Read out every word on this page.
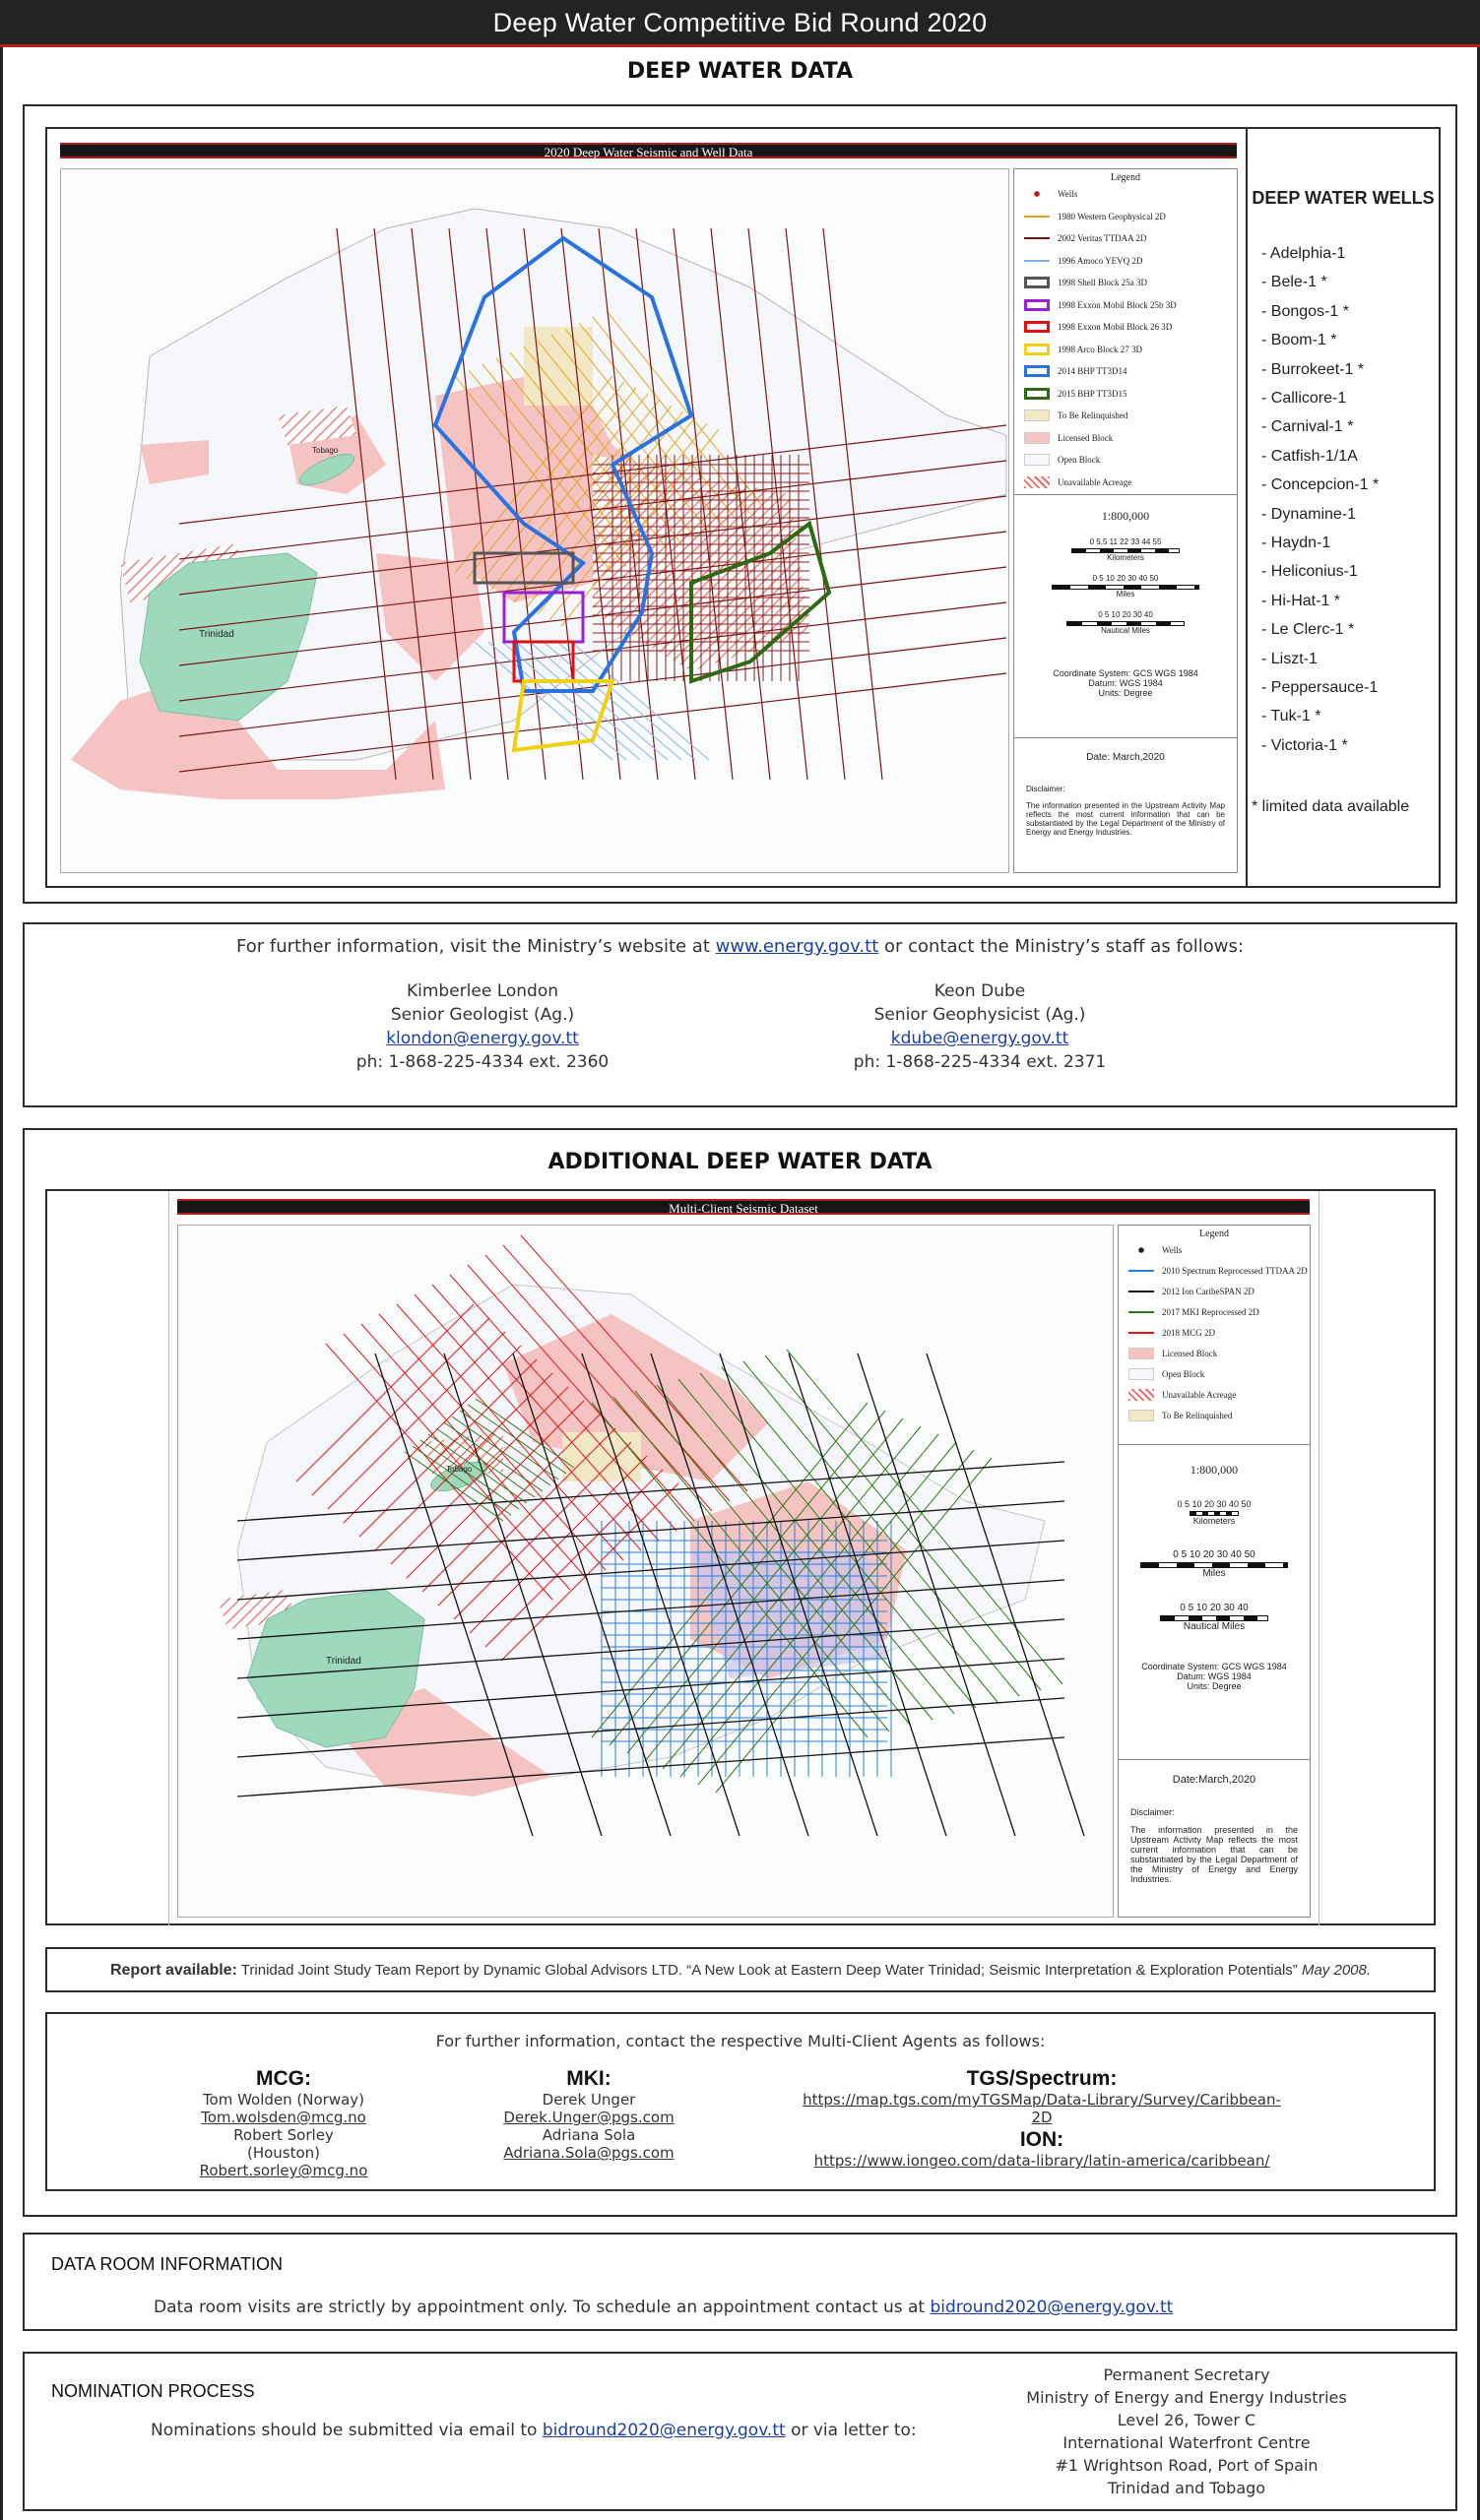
Deep Water Competitive Bid Round 2020
DEEP WATER DATA
2020 Deep Water Seismic and Well Data
Trinidad
Tobago
Legend
Wells
1980 Western Geophysical 2D
2002 Veritas TTDAA 2D
1996 Amoco YEVQ 2D
1998 Shell Block 25a 3D
1998 Exxon Mobil Block 25b 3D
1998 Exxon Mobil Block 26 3D
1998 Arco Block 27 3D
2014 BHP TT3D14
2015 BHP TT3D15
To Be Relinquished
Licensed Block
Open Block
Unavailable Acreage
1:800,000
0 5.5 11 22 33 44 55
Kilometers
0 5 10 20 30 40 50
Miles
0 5 10 20 30 40
Nautical Miles
Coordinate System: GCS WGS 1984
Datum: WGS 1984
Units: Degree
Date: March,2020
Disclaimer:
The information presented in the Upstream Activity Map reflects the most current information that can be substantiated by the Legal Department of the Ministry of Energy and Energy Industries.
DEEP WATER WELLS
- Adelphia-1
- Bele-1 *
- Bongos-1 *
- Boom-1 *
- Burrokeet-1 *
- Callicore-1
- Carnival-1 *
- Catfish-1/1A
- Concepcion-1 *
- Dynamine-1
- Haydn-1
- Heliconius-1
- Hi-Hat-1 *
- Le Clerc-1 *
- Liszt-1
- Peppersauce-1
- Tuk-1 *
- Victoria-1 *
* limited data available
For further information, visit the Ministry’s website at www.energy.gov.tt or contact the Ministry’s staff as follows:
Kimberlee London
Senior Geologist (Ag.)
klondon@energy.gov.tt
ph: 1-868-225-4334 ext. 2360
Keon Dube
Senior Geophysicist (Ag.)
kdube@energy.gov.tt
ph: 1-868-225-4334 ext. 2371
ADDITIONAL DEEP WATER DATA
Multi-Client Seismic Dataset
Trinidad
Tobago
Legend
Wells
2010 Spectrum Reprocessed TTDAA 2D
2012 Ion CaribeSPAN 2D
2017 MKI Reprocessed 2D
2018 MCG 2D
Licensed Block
Open Block
Unavailable Acreage
To Be Relinquished
1:800,000
0 5 10 20 30 40 50
Kilometers
0 5 10 20 30 40 50
Miles
0 5 10 20 30 40
Nautical Miles
Coordinate System: GCS WGS 1984
Datum: WGS 1984
Units: Degree
Date:March,2020
Disclaimer:
The information presented in the Upstream Activity Map reflects the most current information that can be substantiated by the Legal Department of the Ministry of Energy and Energy Industries.
Report available: Trinidad Joint Study Team Report by Dynamic Global Advisors LTD. “A New Look at Eastern Deep Water Trinidad; Seismic Interpretation & Exploration Potentials” May 2008.
For further information, contact the respective Multi-Client Agents as follows:
MCG:
Tom Wolden (Norway)
Tom.wolsden@mcg.no
Robert Sorley (Houston)
Robert.sorley@mcg.no
MKI:
Derek Unger
Derek.Unger@pgs.com
Adriana Sola
Adriana.Sola@pgs.com
TGS/Spectrum:
https://map.tgs.com/myTGSMap/Data-Library/Survey/Caribbean-2D
ION:
https://www.iongeo.com/data-library/latin-america/caribbean/
DATA ROOM INFORMATION
Data room visits are strictly by appointment only. To schedule an appointment contact us at bidround2020@energy.gov.tt
NOMINATION PROCESS
Nominations should be submitted via email to bidround2020@energy.gov.tt or via letter to:
Permanent Secretary
Ministry of Energy and Energy Industries
Level 26, Tower C
International Waterfront Centre
#1 Wrightson Road, Port of Spain
Trinidad and Tobago
